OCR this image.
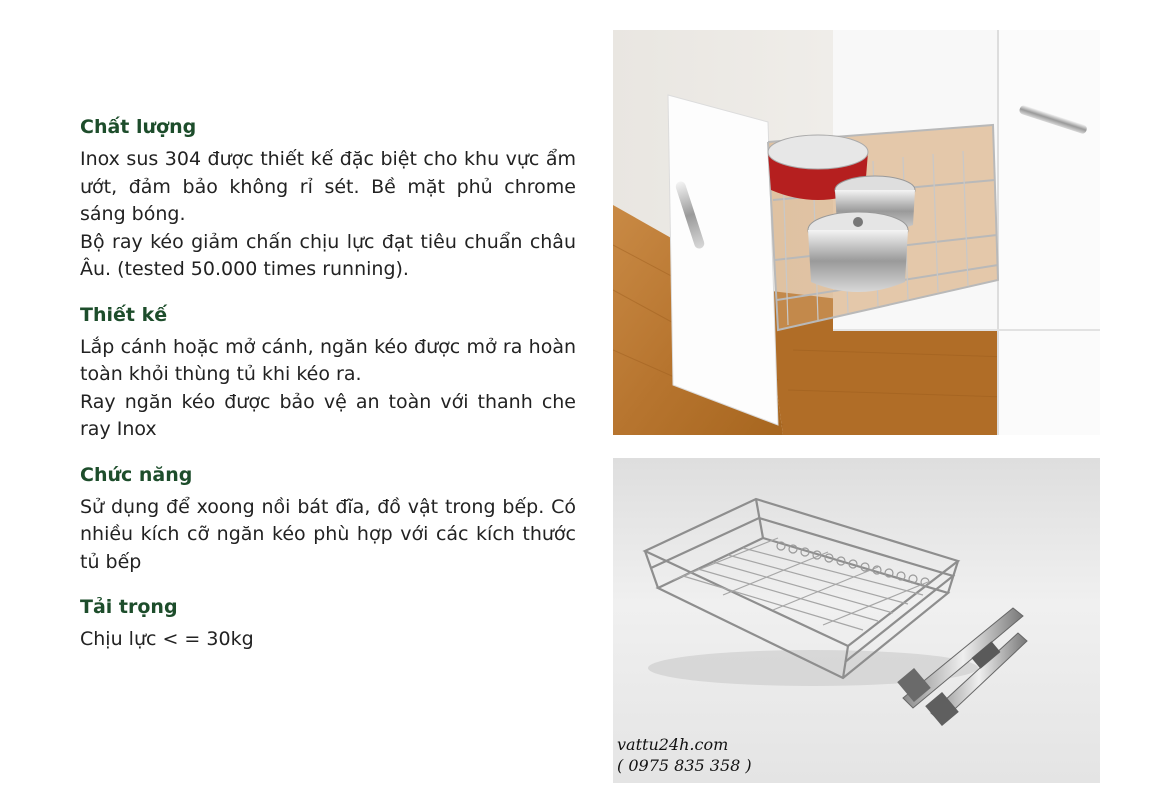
Chất lượng

Inox sus 304 được thiết kế đặc biệt cho khu vực ẩm ướt, đảm bảo không rỉ sét. Bề mặt phủ chrome sáng bóng.

Bộ ray kéo giảm chấn chịu lực đạt tiêu chuẩn châu Âu. (tested 50.000 times running).

Thiết kế

Lắp cánh hoặc mở cánh, ngăn kéo được mở ra hoàn toàn khỏi thùng tủ khi kéo ra.

Ray ngăn kéo được bảo vệ an toàn với thanh che ray Inox

Chức năng

Sử dụng để xoong nồi bát đĩa, đồ vật trong bếp. Có nhiều kích cỡ ngăn kéo phù hợp với các kích thước tủ bếp

Tải trọng

Chịu lực < = 30kg

vattu24h.com
( 0975 835 358 )
